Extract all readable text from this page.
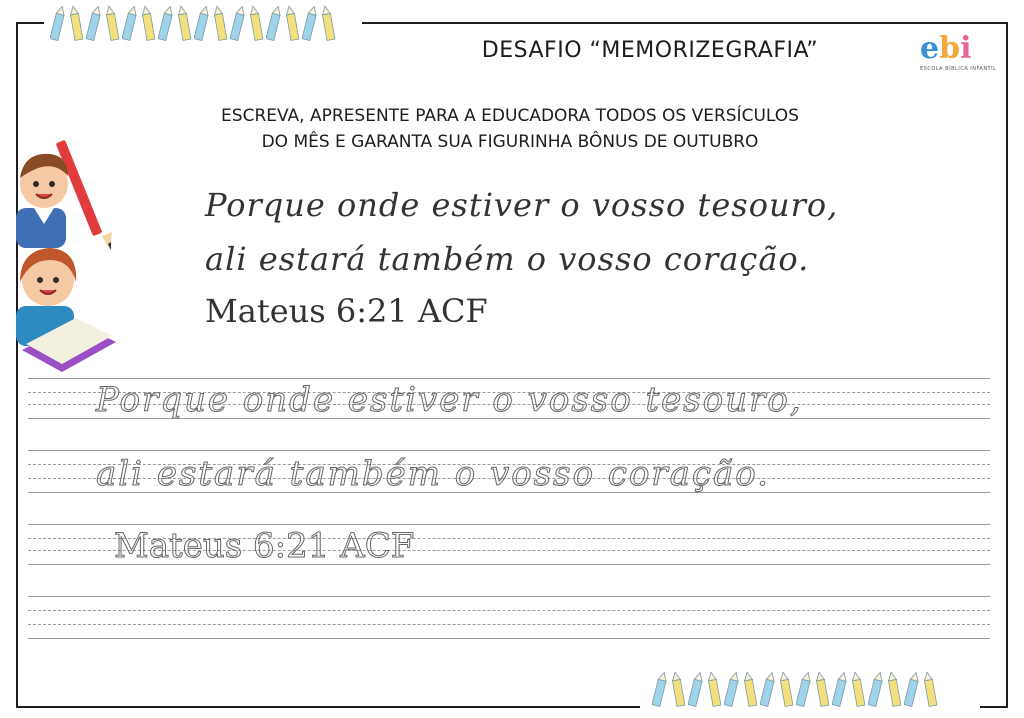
DESAFIO “MEMORIZEGRAFIA”	ebi
ESCOLA BÍBLICA INFANTIL
ESCREVA, APRESENTE PARA A EDUCADORA TODOS OS VERSÍCULOS
DO MÊS E GARANTA SUA FIGURINHA BÔNUS DE OUTUBRO
Porque onde estiver o vosso tesouro,
ali estará também o vosso coração.
Mateus 6:21 ACF
Porque onde estiver o vosso tesouro,
ali estará também o vosso coração.
Mateus 6:21 ACF
